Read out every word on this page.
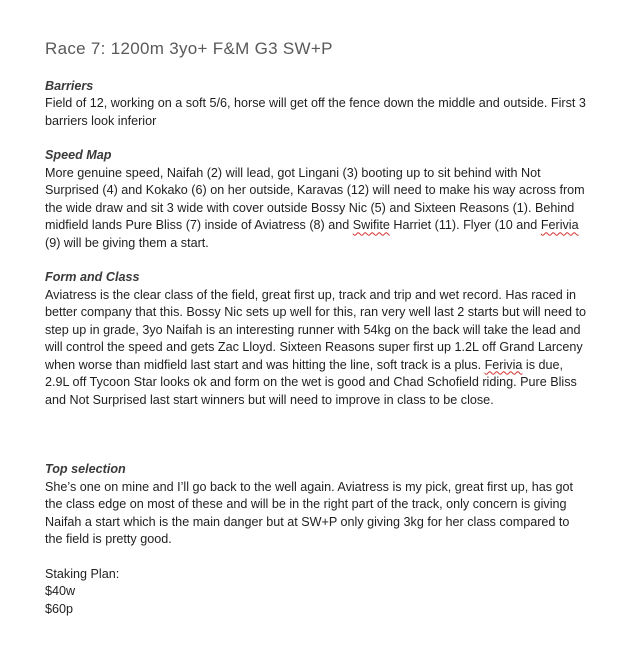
Race 7: 1200m 3yo+ F&M G3 SW+P

Barriers

Field of 12, working on a soft 5/6, horse will get off the fence down the middle and outside. First 3 barriers look inferior

Speed Map

More genuine speed, Naifah (2) will lead, got Lingani (3) booting up to sit behind with Not Surprised (4) and Kokako (6) on her outside, Karavas (12) will need to make his way across from the wide draw and sit 3 wide with cover outside Bossy Nic (5) and Sixteen Reasons (1). Behind midfield lands Pure Bliss (7) inside of Aviatress (8) and Swifite Harriet (11). Flyer (10 and Ferivia (9) will be giving them a start.

Form and Class

Aviatress is the clear class of the field, great first up, track and trip and wet record. Has raced in better company that this. Bossy Nic sets up well for this, ran very well last 2 starts but will need to step up in grade, 3yo Naifah is an interesting runner with 54kg on the back will take the lead and will control the speed and gets Zac Lloyd. Sixteen Reasons super first up 1.2L off Grand Larceny when worse than midfield last start and was hitting the line, soft track is a plus. Ferivia is due, 2.9L off Tycoon Star looks ok and form on the wet is good and Chad Schofield riding. Pure Bliss and Not Surprised last start winners but will need to improve in class to be close.

Top selection

She’s one on mine and I’ll go back to the well again. Aviatress is my pick, great first up, has got the class edge on most of these and will be in the right part of the track, only concern is giving Naifah a start which is the main danger but at SW+P only giving 3kg for her class compared to the field is pretty good.

Staking Plan:

$40w

$60p
